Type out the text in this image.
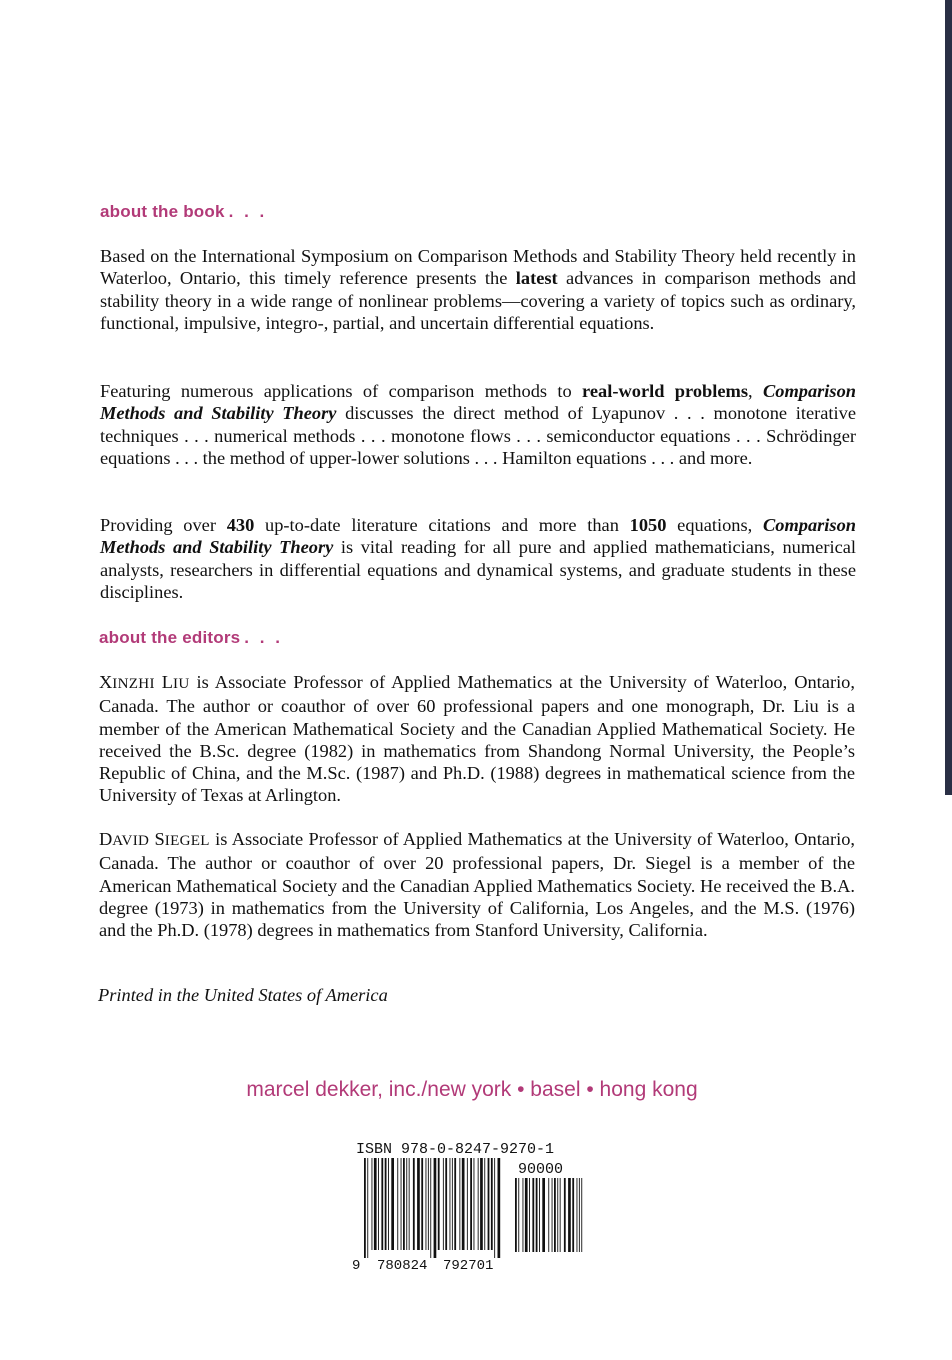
about the book . . .

Based on the International Symposium on Comparison Methods and Stability Theory held recently in Waterloo, Ontario, this timely reference presents the latest advances in comparison methods and stability theory in a wide range of nonlinear problems—covering a variety of topics such as ordinary, functional, impulsive, integro-, partial, and uncertain differential equations.

Featuring numerous applications of comparison methods to real-world problems, Comparison Methods and Stability Theory discusses the direct method of Lyapunov . . . monotone iterative techniques . . . numerical methods . . . monotone flows . . . semiconductor equations . . . Schrödinger equations . . . the method of upper-lower solutions . . . Hamilton equations . . . and more.

Providing over 430 up-to-date literature citations and more than 1050 equations, Comparison Methods and Stability Theory is vital reading for all pure and applied mathematicians, numerical analysts, researchers in differential equations and dynamical systems, and graduate students in these disciplines.

about the editors . . .

XINZHI LIU is Associate Professor of Applied Mathematics at the University of Waterloo, Ontario, Canada. The author or coauthor of over 60 professional papers and one monograph, Dr. Liu is a member of the American Mathematical Society and the Canadian Applied Mathematical Society. He received the B.Sc. degree (1982) in mathematics from Shandong Normal University, the People’s Republic of China, and the M.Sc. (1987) and Ph.D. (1988) degrees in mathematical science from the University of Texas at Arlington.

DAVID SIEGEL is Associate Professor of Applied Mathematics at the University of Waterloo, Ontario, Canada. The author or coauthor of over 20 professional papers, Dr. Siegel is a member of the American Mathematical Society and the Canadian Applied Mathematics Society. He received the B.A. degree (1973) in mathematics from the University of California, Los Angeles, and the M.S. (1976) and the Ph.D. (1978) degrees in mathematics from Stanford University, California.

Printed in the United States of America

marcel dekker, inc./new york • basel • hong kong
ISBN 978-0-8247-9270-1
9 780824 792701
90000
